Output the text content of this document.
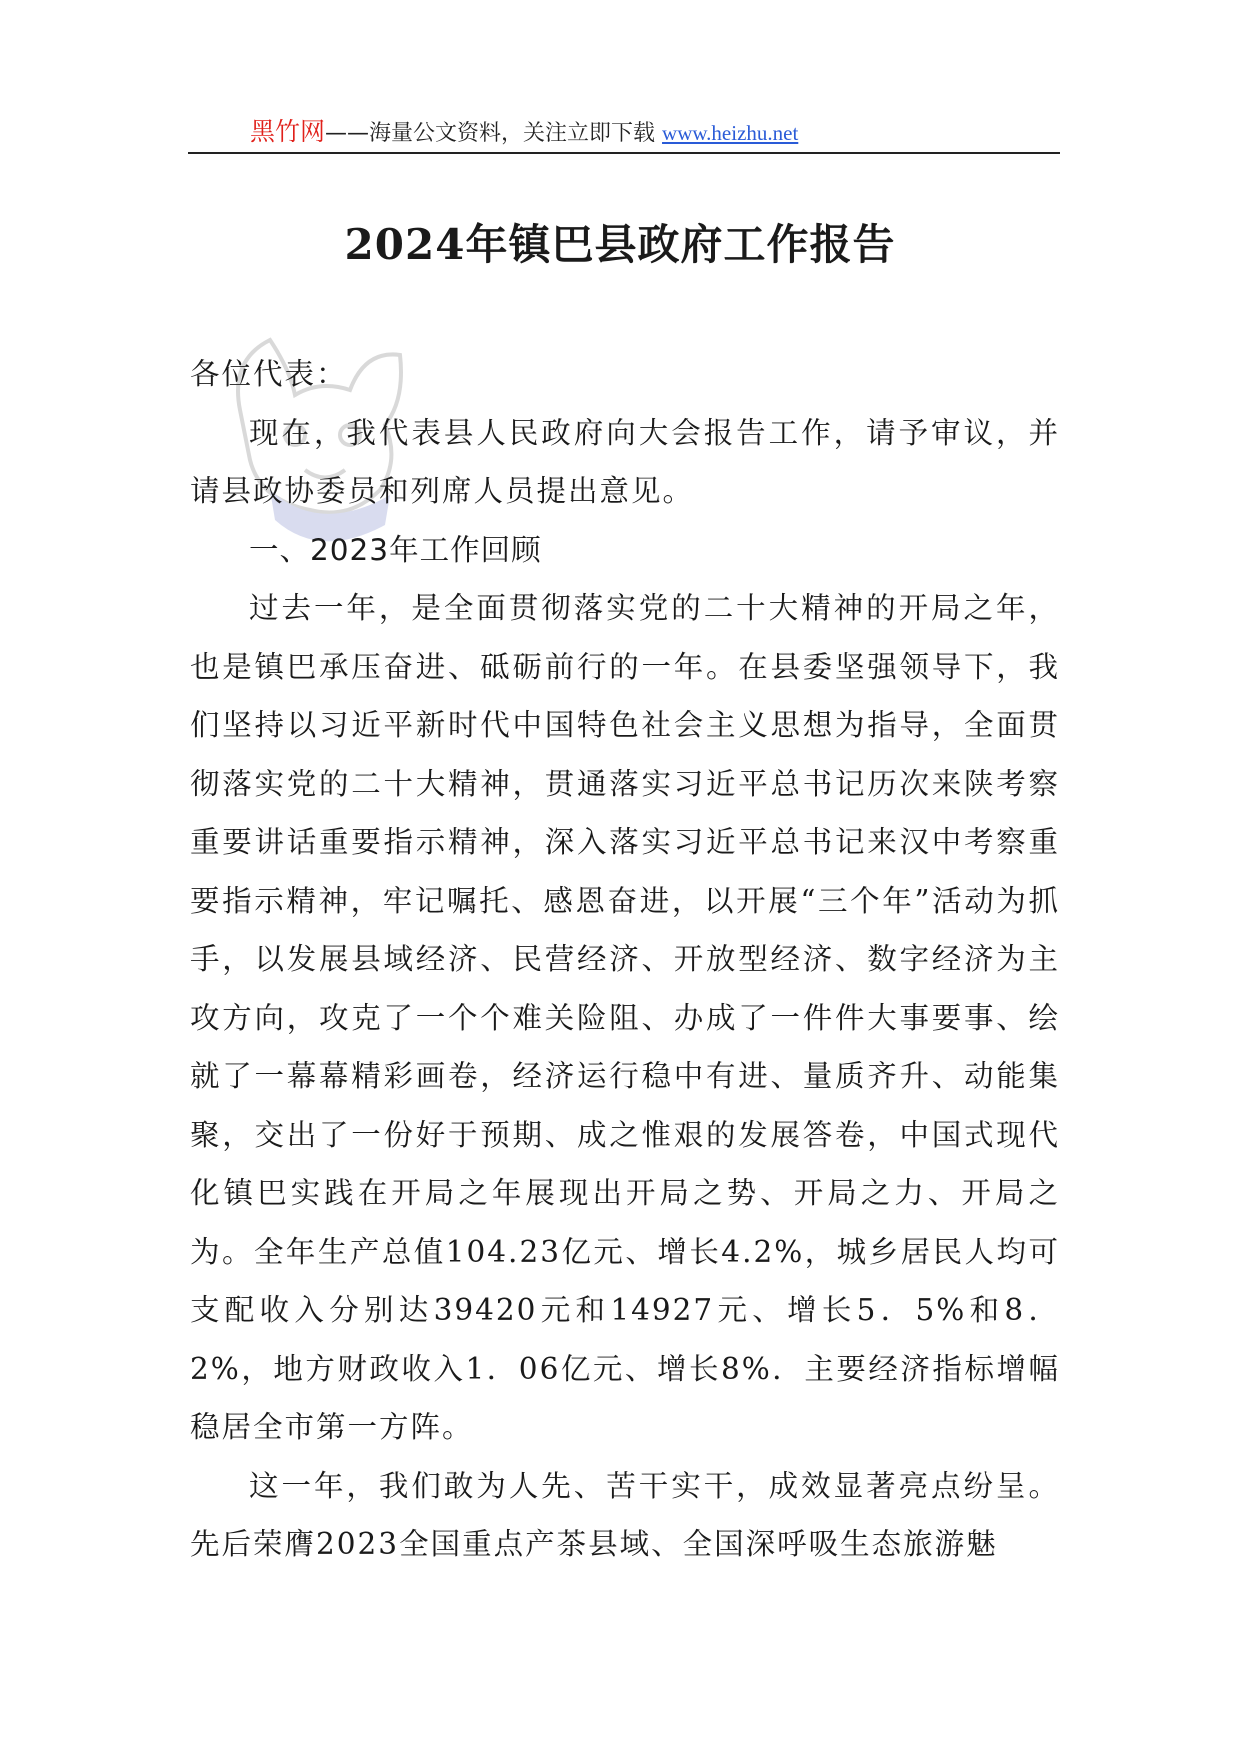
黑竹网——海量公文资料，关注立即下载 www.heizhu.net
2024年镇巴县政府工作报告

各位代表：

现在，我代表县人民政府向大会报告工作，请予审议，并请县政协委员和列席人员提出意见。

一、2023年工作回顾

过去一年，是全面贯彻落实党的二十大精神的开局之年，也是镇巴承压奋进、砥砺前行的一年。在县委坚强领导下，我们坚持以习近平新时代中国特色社会主义思想为指导，全面贯彻落实党的二十大精神，贯通落实习近平总书记历次来陕考察重要讲话重要指示精神，深入落实习近平总书记来汉中考察重要指示精神，牢记嘱托、感恩奋进，以开展“三个年”活动为抓手，以发展县域经济、民营经济、开放型经济、数字经济为主攻方向，攻克了一个个难关险阻、办成了一件件大事要事、绘就了一幕幕精彩画卷，经济运行稳中有进、量质齐升、动能集聚，交出了一份好于预期、成之惟艰的发展答卷，中国式现代化镇巴实践在开局之年展现出开局之势、开局之力、开局之为。全年生产总值104.23亿元、增长4.2%，城乡居民人均可支配收入分别达39420元和14927元、增长5．5%和8．2%，地方财政收入1．06亿元、增长8%．主要经济指标增幅稳居全市第一方阵。

这一年，我们敢为人先、苦干实干，成效显著亮点纷呈。先后荣膺2023全国重点产茶县域、全国深呼吸生态旅游魅
